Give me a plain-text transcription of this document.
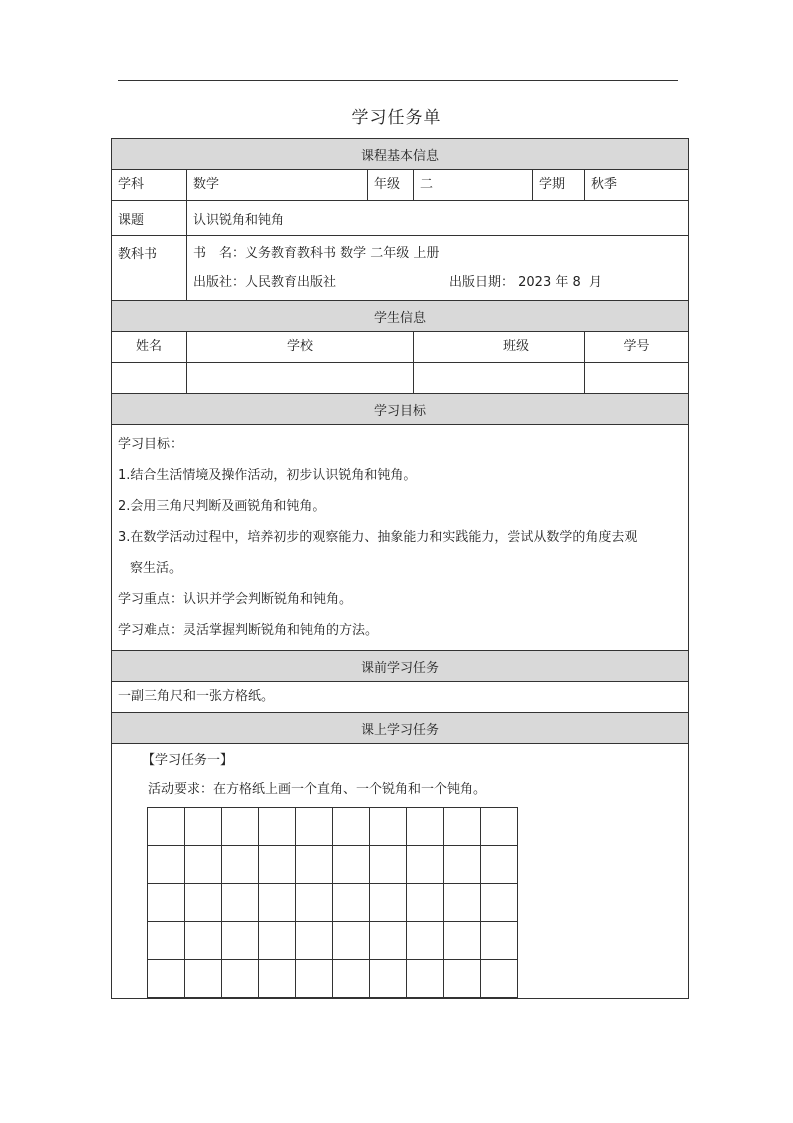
学习任务单
课程基本信息
学科	数学	年级	二	学期	秋季
课题	认识锐角和钝角
教科书	书　名：义务教育教科书 数学 二年级 上册
出版社：人民教育出版社	出版日期： 2023 年 8  月

学生信息
姓名	学校	班级	学号

学习目标

学习目标：
1.结合生活情境及操作活动，初步认识锐角和钝角。
2.会用三角尺判断及画锐角和钝角。
3.在数学活动过程中，培养初步的观察能力、抽象能力和实践能力，尝试从数学的角度去观
察生活。
学习重点：认识并学会判断锐角和钝角。
学习难点：灵活掌握判断锐角和钝角的方法。

课前学习任务
一副三角尺和一张方格纸。
课上学习任务

【学习任务一】
活动要求：在方格纸上画一个直角、一个锐角和一个钝角。
